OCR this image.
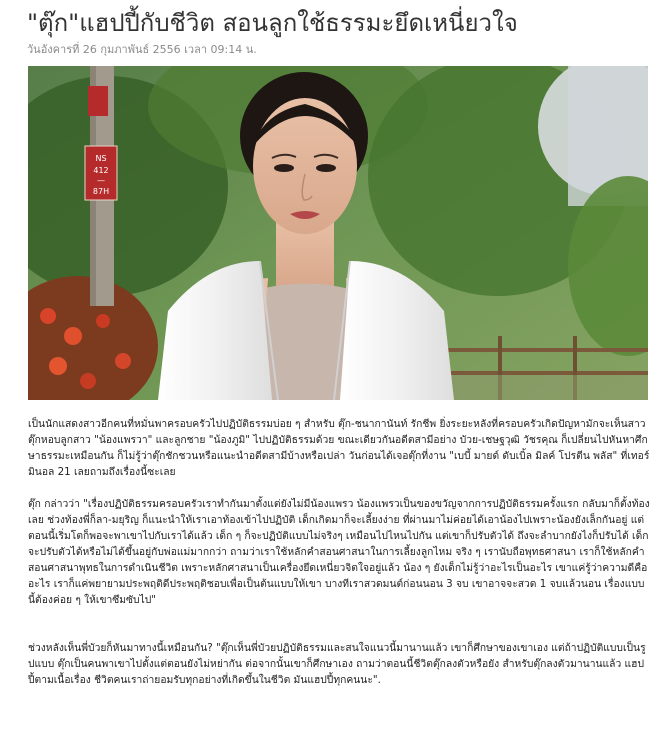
"ตุ๊ก"แฮปปี้กับชีวิต สอนลูกใช้ธรรมะยึดเหนี่ยวใจ

วันอังคารที่ 26 กุมภาพันธ์ 2556 เวลา 09:14 น.

NS
412
—
87H

เป็นนักแสดงสาวอีกคนที่หมั่นพาครอบครัวไปปฏิบัติธรรมบ่อย ๆ สำหรับ ตุ๊ก-ชนากานันท์ รักชีพ ยิ่งระยะหลังที่ครอบครัวเกิดปัญหามักจะเห็นสาวตุ๊กหอบลูกสาว "น้องแพรวา" และลูกชาย "น้องภูมิ" ไปปฏิบัติธรรมด้วย ขณะเดียวกันอดีตสามีอย่าง บัวย-เชษฐวุฒิ วัชรคุณ ก็เปลี่ยนไปหันหาศึกษาธรรมะเหมือนกัน ก็ไม่รู้ว่าตุ๊กชักชวนหรือแนะนำอดีตสามีบ้างหรือเปล่า วันก่อนได้เจอตุ๊กที่งาน "เบบี้ มายด์ ดับเบิ้ล มิลค์ โปรตีน พลัส" ที่เทอร์มินอล 21 เลยถามถึงเรื่องนี้ซะเลย

ตุ๊ก กล่าวว่า "เรื่องปฏิบัติธรรมครอบครัวเราทำกันมาตั้งแต่ยังไม่มีน้องแพรว น้องแพรวเป็นของขวัญจากการปฏิบัติธรรมครั้งแรก กลับมาก็ตั้งท้องเลย ช่วงท้องพี่ก็ลา-มยุริญ ก็แนะนำให้เราเอาท้องเข้าไปปฏิบัติ เด็กเกิดมาก็จะเลี้ยงง่าย ที่ผ่านมาไม่ค่อยได้เอาน้องไปเพราะน้องยังเล็กกันอยู่ แต่ตอนนี้เริ่มโตก็พอจะพาเขาไปกับเราได้แล้ว เด็ก ๆ ก็จะปฏิบัติแบบไม่จริงๆ เหมือนไปไหนไปกัน แต่เขาก็ปรับตัวได้ ถึงจะลำบากยังไงก็ปรับได้ เด็กจะปรับตัวได้หรือไม่ได้ขึ้นอยู่กับพ่อแม่มากกว่า ถามว่าเราใช้หลักคำสอนศาสนาในการเลี้ยงลูกไหม จริง ๆ เรานับถือพุทธศาสนา เราก็ใช้หลักคำสอนศาสนาพุทธในการดำเนินชีวิต เพราะหลักศาสนาเป็นเครื่องยึดเหนี่ยวจิตใจอยู่แล้ว น้อง ๆ ยังเด็กไม่รู้ว่าอะไรเป็นอะไร เขาแค่รู้ว่าความดีคืออะไร เราก็แค่พยายามประพฤติดีประพฤติชอบเพื่อเป็นต้นแบบให้เขา บางทีเราสวดมนต์ก่อนนอน 3 จบ เขาอาจจะสวด 1 จบแล้วนอน เรื่องแบบนี้ต้องค่อย ๆ ให้เขาซึมซับไป"

ช่วงหลังเห็นพี่บัวยก็หันมาทางนี้เหมือนกัน? "ตุ๊กเห็นพี่บัวยปฏิบัติธรรมและสนใจแนวนี้มานานแล้ว เขาก็ศึกษาของเขาเอง แต่ถ้าปฏิบัติแบบเป็นรูปแบบ ตุ๊กเป็นคนพาเขาไปตั้งแต่ตอนยังไม่หย่ากัน ต่อจากนั้นเขาก็ศึกษาเอง ถามว่าตอนนี้ชีวิตตุ๊กลงตัวหรือยัง สำหรับตุ๊กลงตัวมานานแล้ว แฮปปี้ตามเนื้อเรื่อง ชีวิตคนเราถ่ายอมรับทุกอย่างที่เกิดขึ้นในชีวิต มันแฮปปี้ทุกคนนะ".
